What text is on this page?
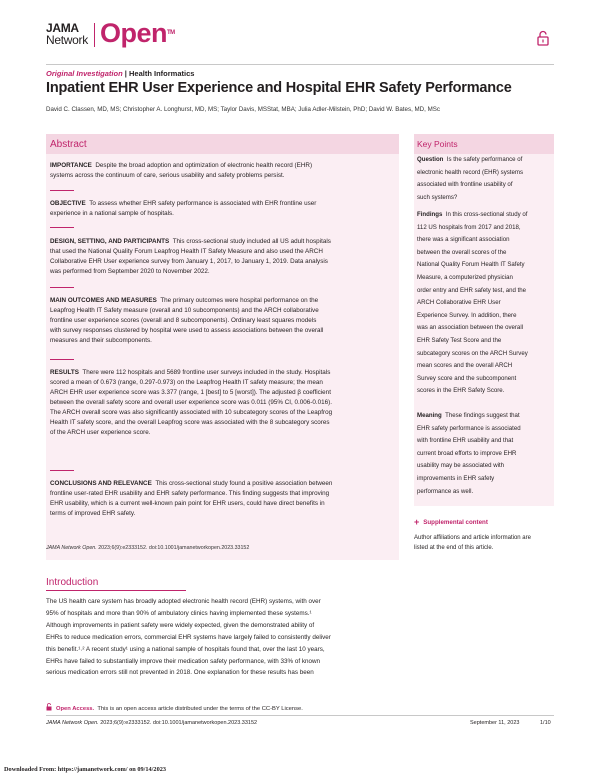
JAMA
Network Open™
Original Investigation | Health Informatics
Inpatient EHR User Experience and Hospital EHR Safety Performance
David C. Classen, MD, MS; Christopher A. Longhurst, MD, MS; Taylor Davis, MSStat, MBA; Julia Adler-Milstein, PhD; David W. Bates, MD, MSc
Abstract
IMPORTANCE Despite the broad adoption and optimization of electronic health record (EHR)
systems across the continuum of care, serious usability and safety problems persist.
OBJECTIVE To assess whether EHR safety performance is associated with EHR frontline user
experience in a national sample of hospitals.
DESIGN, SETTING, AND PARTICIPANTS This cross-sectional study included all US adult hospitals
that used the National Quality Forum Leapfrog Health IT Safety Measure and also used the ARCH
Collaborative EHR User experience survey from January 1, 2017, to January 1, 2019. Data analysis
was performed from September 2020 to November 2022.
MAIN OUTCOMES AND MEASURES The primary outcomes were hospital performance on the
Leapfrog Health IT Safety measure (overall and 10 subcomponents) and the ARCH collaborative
frontline user experience scores (overall and 8 subcomponents). Ordinary least squares models
with survey responses clustered by hospital were used to assess associations between the overall
measures and their subcomponents.
RESULTS There were 112 hospitals and 5689 frontline user surveys included in the study. Hospitals
scored a mean of 0.673 (range, 0.297-0.973) on the Leapfrog Health IT safety measure; the mean
ARCH EHR user experience score was 3.377 (range, 1 [best] to 5 [worst]). The adjusted β coefficient
between the overall safety score and overall user experience score was 0.011 (95% CI, 0.006-0.016).
The ARCH overall score was also significantly associated with 10 subcategory scores of the Leapfrog
Health IT safety score, and the overall Leapfrog score was associated with the 8 subcategory scores
of the ARCH user experience score.
CONCLUSIONS AND RELEVANCE This cross-sectional study found a positive association between
frontline user-rated EHR usability and EHR safety performance. This finding suggests that improving
EHR usability, which is a current well-known pain point for EHR users, could have direct benefits in
terms of improved EHR safety.
JAMA Network Open. 2023;6(9):e2333152. doi:10.1001/jamanetworkopen.2023.33152
Key Points
Question Is the safety performance of
electronic health record (EHR) systems
associated with frontline usability of
such systems?
Findings In this cross-sectional study of
112 US hospitals from 2017 and 2018,
there was a significant association
between the overall scores of the
National Quality Forum Health IT Safety
Measure, a computerized physician
order entry and EHR safety test, and the
ARCH Collaborative EHR User
Experience Survey. In addition, there
was an association between the overall
EHR Safety Test Score and the
subcategory scores on the ARCH Survey
mean scores and the overall ARCH
Survey score and the subcomponent
scores in the EHR Safety Score.
Meaning These findings suggest that
EHR safety performance is associated
with frontline EHR usability and that
current broad efforts to improve EHR
usability may be associated with
improvements in EHR safety
performance as well.
+ Supplemental content
Author affiliations and article information are
listed at the end of this article.
Introduction
The US health care system has broadly adopted electronic health record (EHR) systems, with over
95% of hospitals and more than 90% of ambulatory clinics having implemented these systems.¹
Although improvements in patient safety were widely expected, given the demonstrated ability of
EHRs to reduce medication errors, commercial EHR systems have largely failed to consistently deliver
this benefit.¹˒² A recent study¹ using a national sample of hospitals found that, over the last 10 years,
EHRs have failed to substantially improve their medication safety performance, with 33% of known
serious medication errors still not prevented in 2018. One explanation for these results has been
Open Access. This is an open access article distributed under the terms of the CC-BY License.
JAMA Network Open. 2023;6(9):e2333152. doi:10.1001/jamanetworkopen.2023.33152	September 11, 2023	1/10
Downloaded From: https://jamanetwork.com/ on 09/14/2023
